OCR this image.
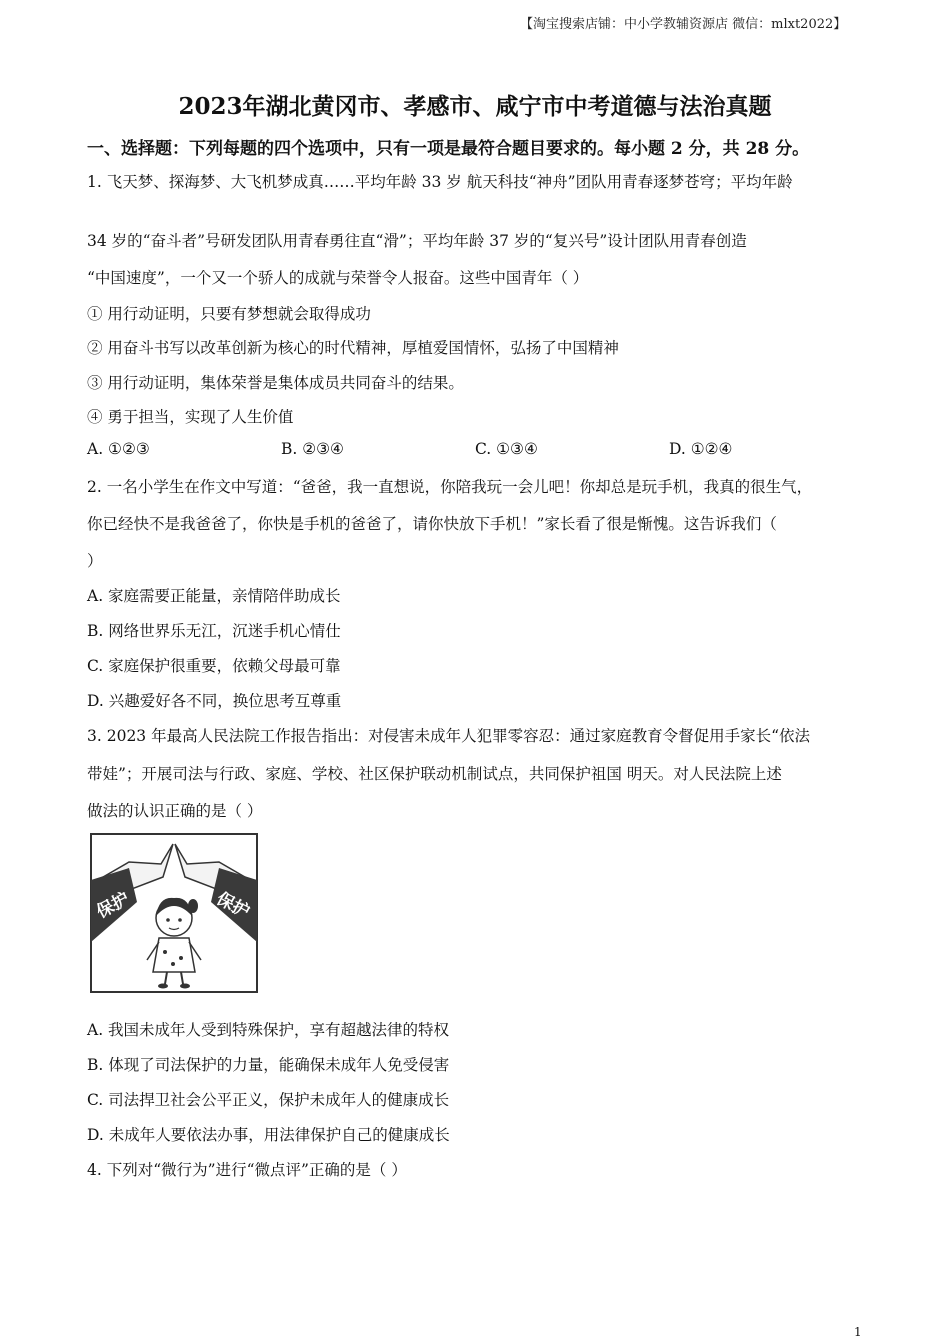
【淘宝搜索店铺：中小学教辅资源店 微信：mlxt2022】
2023年湖北黄冈市、孝感市、咸宁市中考道德与法治真题
一、选择题：下列每题的四个选项中，只有一项是最符合题目要求的。每小题 2 分，共 28 分。
1. 飞天梦、探海梦、大飞机梦成真……平均年龄 33 岁 航天科技“神舟”团队用青春逐梦苍穹；平均年龄
34 岁的“奋斗者”号研发团队用青春勇往直“滑”；平均年龄 37 岁的“复兴号”设计团队用青春创造
“中国速度”，一个又一个骄人的成就与荣誉令人报奋。这些中国青年（ ）
① 用行动证明，只要有梦想就会取得成功
② 用奋斗书写以改革创新为核心的时代精神，厚植爱国情怀，弘扬了中国精神
③ 用行动证明，集体荣誉是集体成员共同奋斗的结果。
④ 勇于担当，实现了人生价值
A. ①②③	B. ②③④	C. ①③④	D. ①②④
2. 一名小学生在作文中写道：“爸爸，我一直想说，你陪我玩一会儿吧！你却总是玩手机，我真的很生气，
你已经快不是我爸爸了，你快是手机的爸爸了，请你快放下手机！”家长看了很是惭愧。这告诉我们（
）
A. 家庭需要正能量，亲情陪伴助成长
B. 网络世界乐无江，沉迷手机心情仕
C. 家庭保护很重要，依赖父母最可靠
D. 兴趣爱好各不同，换位思考互尊重
3. 2023 年最高人民法院工作报告指出：对侵害未成年人犯罪零容忍：通过家庭教育令督促用手家长“依法
带娃”；开展司法与行政、家庭、学校、社区保护联动机制试点，共同保护祖国 明天。对人民法院上述
做法的认识正确的是（ ）
保护	保护
A. 我国未成年人受到特殊保护，享有超越法律的特权
B. 体现了司法保护的力量，能确保未成年人免受侵害
C. 司法捍卫社会公平正义，保护未成年人的健康成长
D. 未成年人要依法办事，用法律保护自己的健康成长
4. 下列对“微行为”进行“微点评”正确的是（ ）
1
